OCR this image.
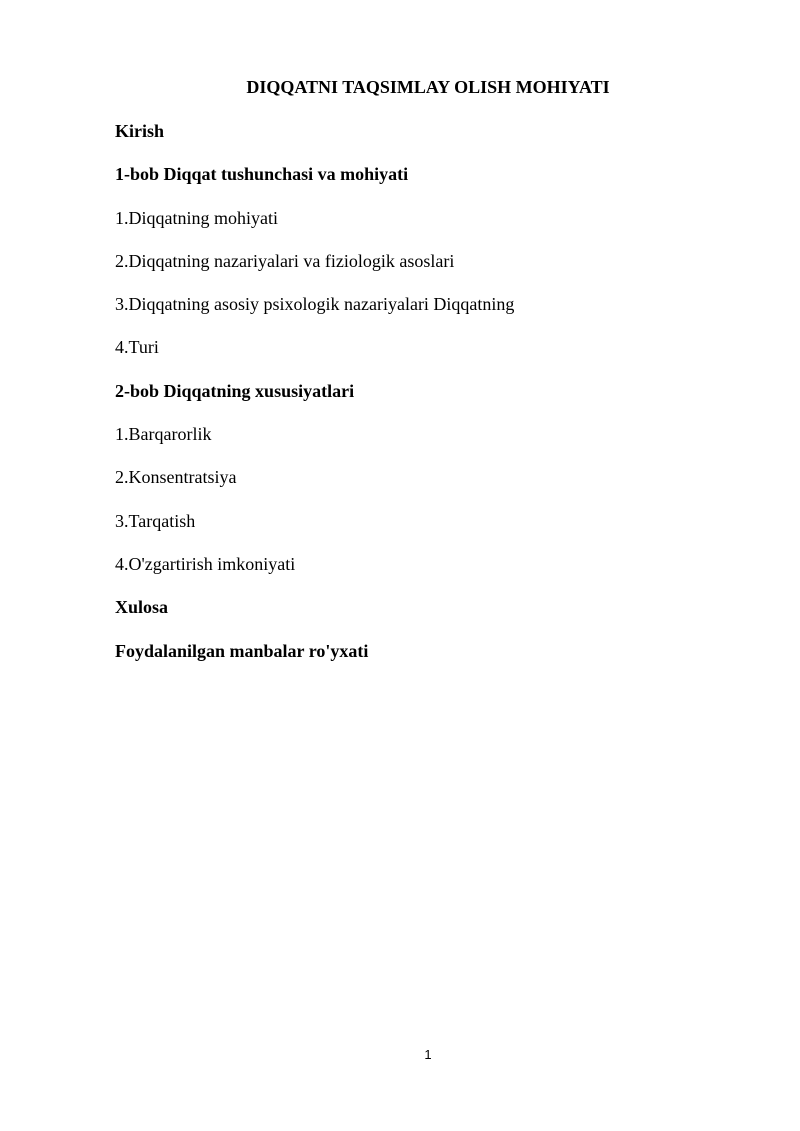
DIQQATNI TAQSIMLAY OLISH MOHIYATI
Kirish
1-bob Diqqat tushunchasi va mohiyati
1.Diqqatning mohiyati
2.Diqqatning nazariyalari va fiziologik asoslari
3.Diqqatning asosiy psixologik nazariyalari Diqqatning
4.Turi
2-bob Diqqatning xususiyatlari
1.Barqarorlik
2.Konsentratsiya
3.Tarqatish
4.O'zgartirish imkoniyati
Xulosa
Foydalanilgan manbalar ro'yxati
1
